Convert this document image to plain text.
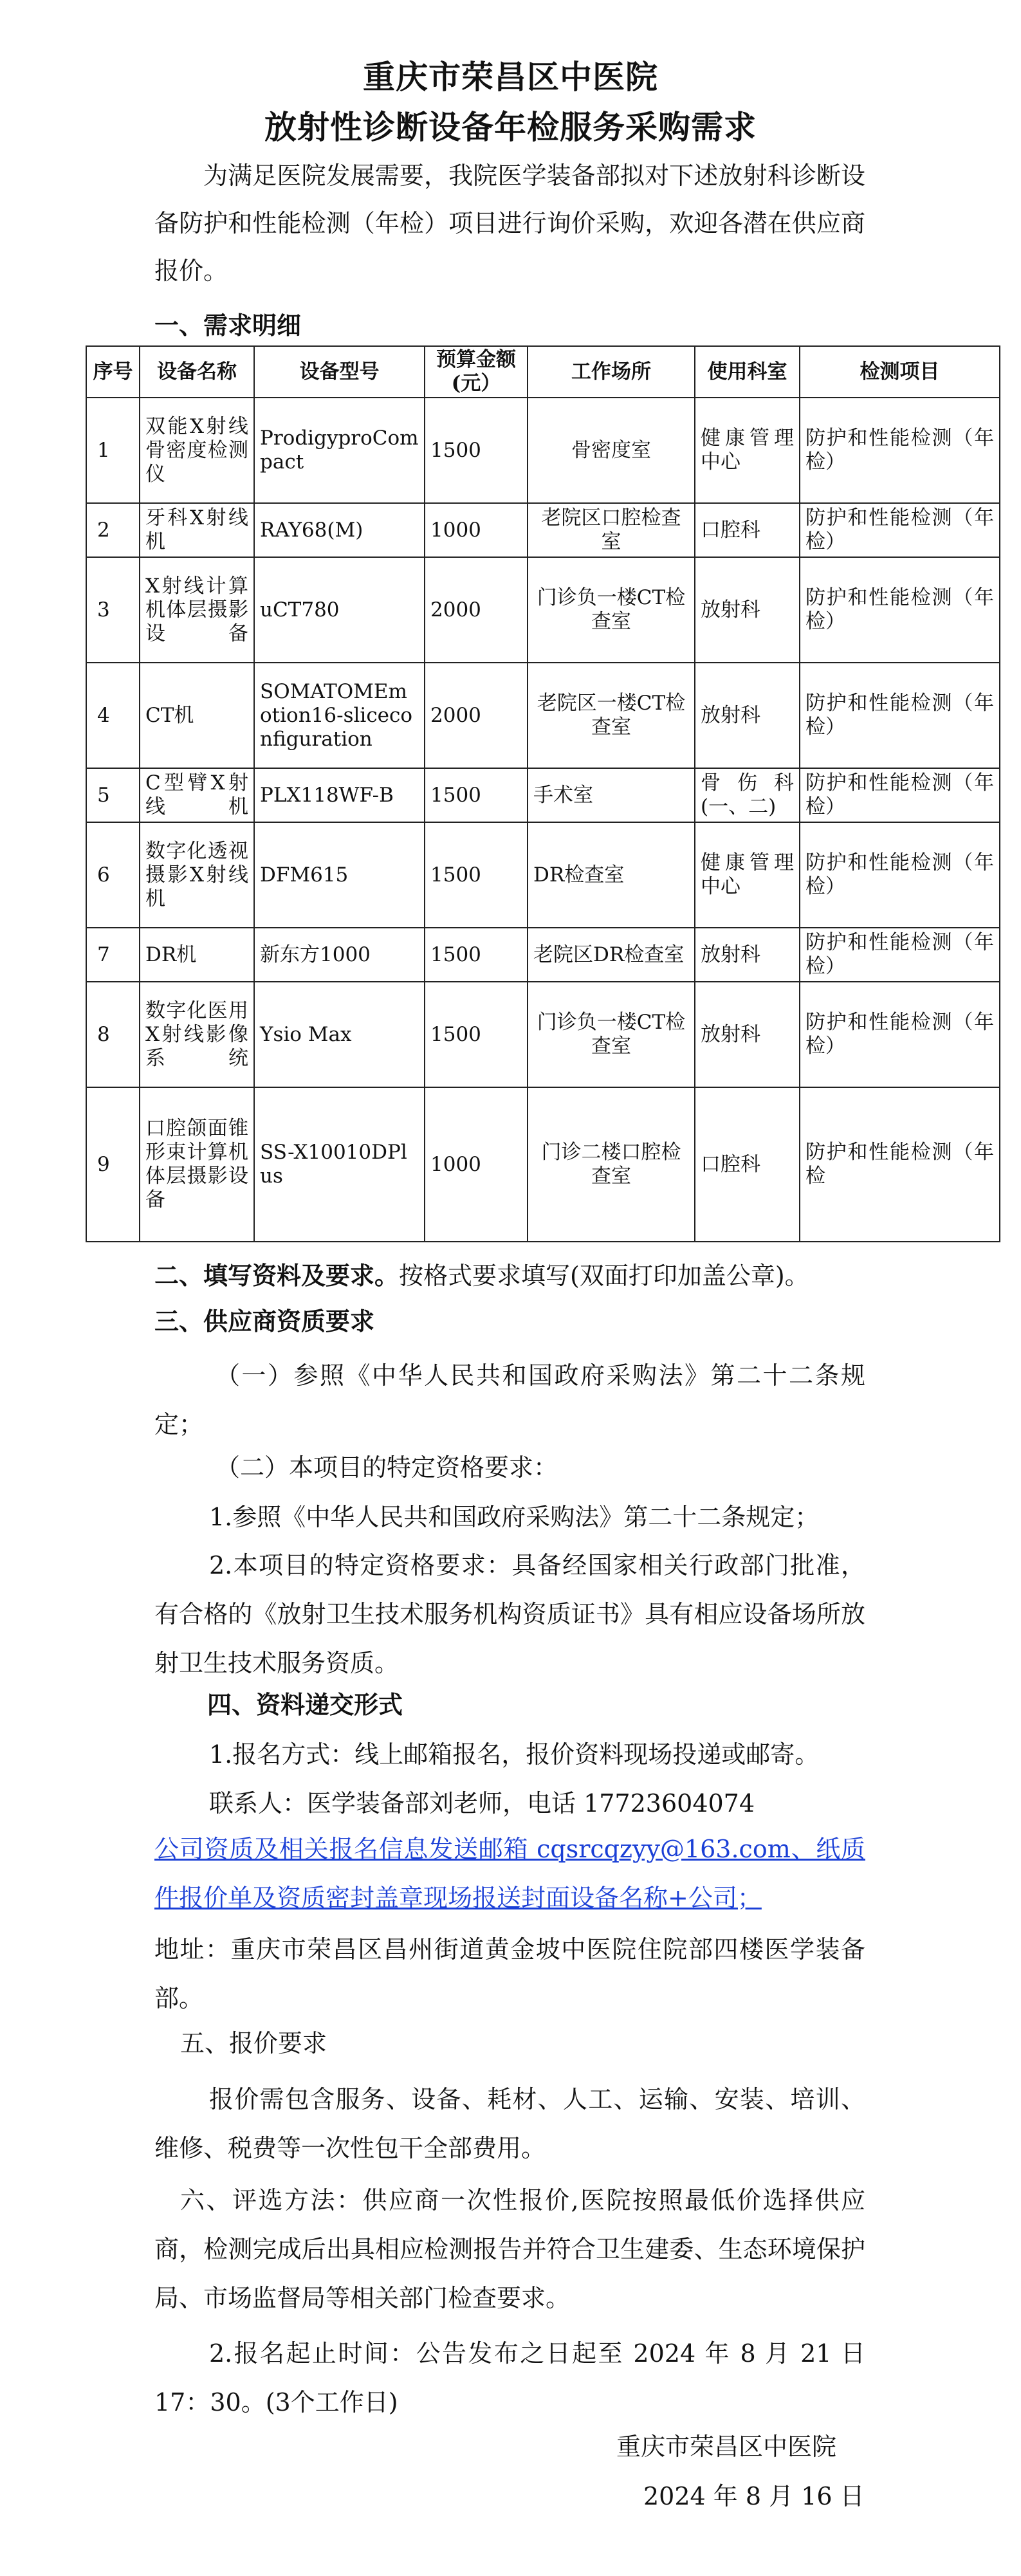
重庆市荣昌区中医院
放射性诊断设备年检服务采购需求
为满足医院发展需要，我院医学装备部拟对下述放射科诊断设备防护和性能检测（年检）项目进行询价采购，欢迎各潜在供应商报价。
一、需求明细
序号	设备名称	设备型号	预算金额(元）	工作场所	使用科室	检测项目
1	双能X射线骨密度检测仪	ProdigyproCompact	1500	骨密度室	健康管理中心	防护和性能检测（年检）
2	牙科X射线机	RAY68(M)	1000	老院区口腔检查室	口腔科	防护和性能检测（年检）
3	X射线计算机体层摄影设备	uCT780	2000	门诊负一楼CT检查室	放射科	防护和性能检测（年检）
4	CT机	SOMATOMEmotion16-sliceconfiguration	2000	老院区一楼CT检查室	放射科	防护和性能检测（年检）
5	C型臂X射线机	PLX118WF-B	1500	手术室	骨伤科(一、二)	防护和性能检测（年检）
6	数字化透视摄影X射线机	DFM615	1500	DR检查室	健康管理中心	防护和性能检测（年检）
7	DR机	新东方1000	1500	老院区DR检查室	放射科	防护和性能检测（年检）
8	数字化医用X射线影像系统	Ysio Max	1500	门诊负一楼CT检查室	放射科	防护和性能检测（年检）
9	口腔颌面锥形束计算机体层摄影设备	SS-X10010DPlus	1000	门诊二楼口腔检查室	口腔科	防护和性能检测（年检
二、填写资料及要求。按格式要求填写(双面打印加盖公章)。
三、供应商资质要求
（一）参照《中华人民共和国政府采购法》第二十二条规定；
（二）本项目的特定资格要求：
1.参照《中华人民共和国政府采购法》第二十二条规定；
2.本项目的特定资格要求：具备经国家相关行政部门批准，有合格的《放射卫生技术服务机构资质证书》具有相应设备场所放射卫生技术服务资质。
四、资料递交形式
1.报名方式：线上邮箱报名，报价资料现场投递或邮寄。
联系人：医学装备部刘老师，电话 17723604074
公司资质及相关报名信息发送邮箱 cqsrcqzyy@163.com、纸质件报价单及资质密封盖章现场报送封面设备名称+公司；
地址：重庆市荣昌区昌州街道黄金坡中医院住院部四楼医学装备部。
五、报价要求
报价需包含服务、设备、耗材、人工、运输、安装、培训、维修、税费等一次性包干全部费用。
六、评选方法：供应商一次性报价,医院按照最低价选择供应商，检测完成后出具相应检测报告并符合卫生建委、生态环境保护局、市场监督局等相关部门检查要求。
2.报名起止时间：公告发布之日起至 2024 年 8 月 21 日 17：30。(3个工作日)
重庆市荣昌区中医院
2024 年 8 月 16 日
